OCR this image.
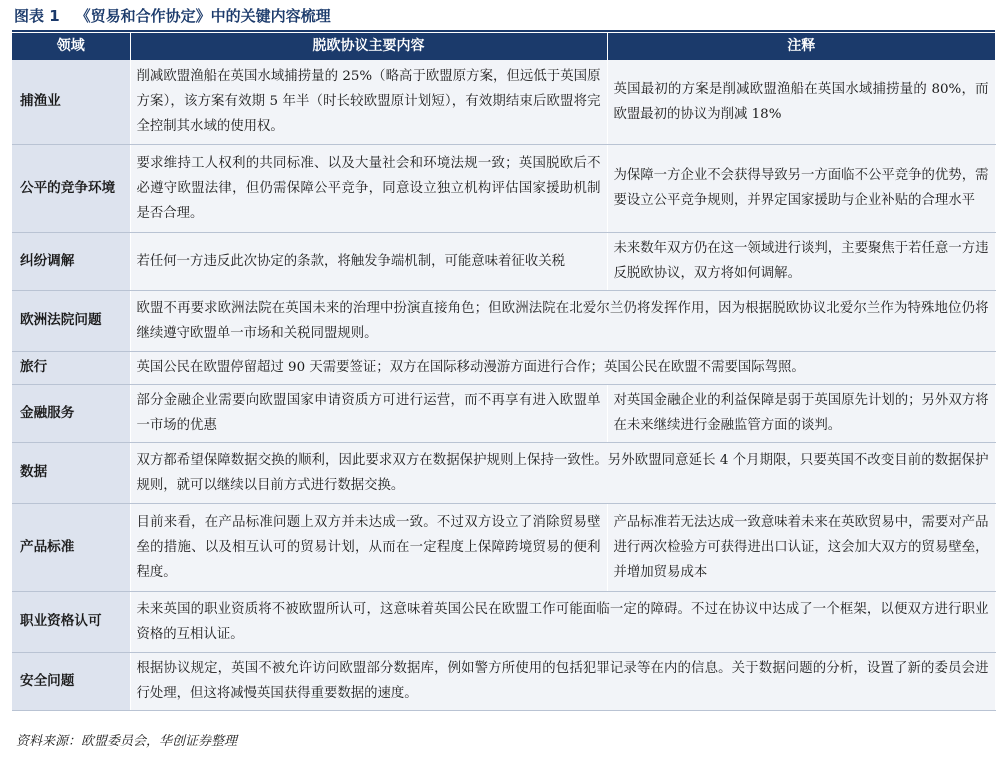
图表 1 《贸易和合作协定》中的关键内容梳理
领域	脱欧协议主要内容	注释
捕渔业	削减欧盟渔船在英国水域捕捞量的 25%（略高于欧盟原方案，但远低于英国原方案），该方案有效期 5 年半（时长较欧盟原计划短），有效期结束后欧盟将完全控制其水域的使用权。	英国最初的方案是削减欧盟渔船在英国水域捕捞量的 80%，而欧盟最初的协议为削减 18%
公平的竞争环境	要求维持工人权利的共同标准、以及大量社会和环境法规一致；英国脱欧后不必遵守欧盟法律，但仍需保障公平竞争，同意设立独立机构评估国家援助机制是否合理。	为保障一方企业不会获得导致另一方面临不公平竞争的优势，需要设立公平竞争规则，并界定国家援助与企业补贴的合理水平
纠纷调解	若任何一方违反此次协定的条款，将触发争端机制，可能意味着征收关税	未来数年双方仍在这一领域进行谈判，主要聚焦于若任意一方违反脱欧协议，双方将如何调解。
欧洲法院问题	欧盟不再要求欧洲法院在英国未来的治理中扮演直接角色；但欧洲法院在北爱尔兰仍将发挥作用，因为根据脱欧协议北爱尔兰作为特殊地位仍将继续遵守欧盟单一市场和关税同盟规则。	
旅行	英国公民在欧盟停留超过 90 天需要签证；双方在国际移动漫游方面进行合作；英国公民在欧盟不需要国际驾照。	
金融服务	部分金融企业需要向欧盟国家申请资质方可进行运营，而不再享有进入欧盟单一市场的优惠	对英国金融企业的利益保障是弱于英国原先计划的；另外双方将在未来继续进行金融监管方面的谈判。
数据	双方都希望保障数据交换的顺利，因此要求双方在数据保护规则上保持一致性。另外欧盟同意延长 4 个月期限，只要英国不改变目前的数据保护规则，就可以继续以目前方式进行数据交换。	
产品标准	目前来看，在产品标准问题上双方并未达成一致。不过双方设立了消除贸易壁垒的措施、以及相互认可的贸易计划，从而在一定程度上保障跨境贸易的便利程度。	产品标准若无法达成一致意味着未来在英欧贸易中，需要对产品进行两次检验方可获得进出口认证，这会加大双方的贸易壁垒，并增加贸易成本
职业资格认可	未来英国的职业资质将不被欧盟所认可，这意味着英国公民在欧盟工作可能面临一定的障碍。不过在协议中达成了一个框架，以便双方进行职业资格的互相认证。	
安全问题	根据协议规定，英国不被允许访问欧盟部分数据库，例如警方所使用的包括犯罪记录等在内的信息。关于数据问题的分析，设置了新的委员会进行处理，但这将减慢英国获得重要数据的速度。	
资料来源：欧盟委员会，华创证券整理
